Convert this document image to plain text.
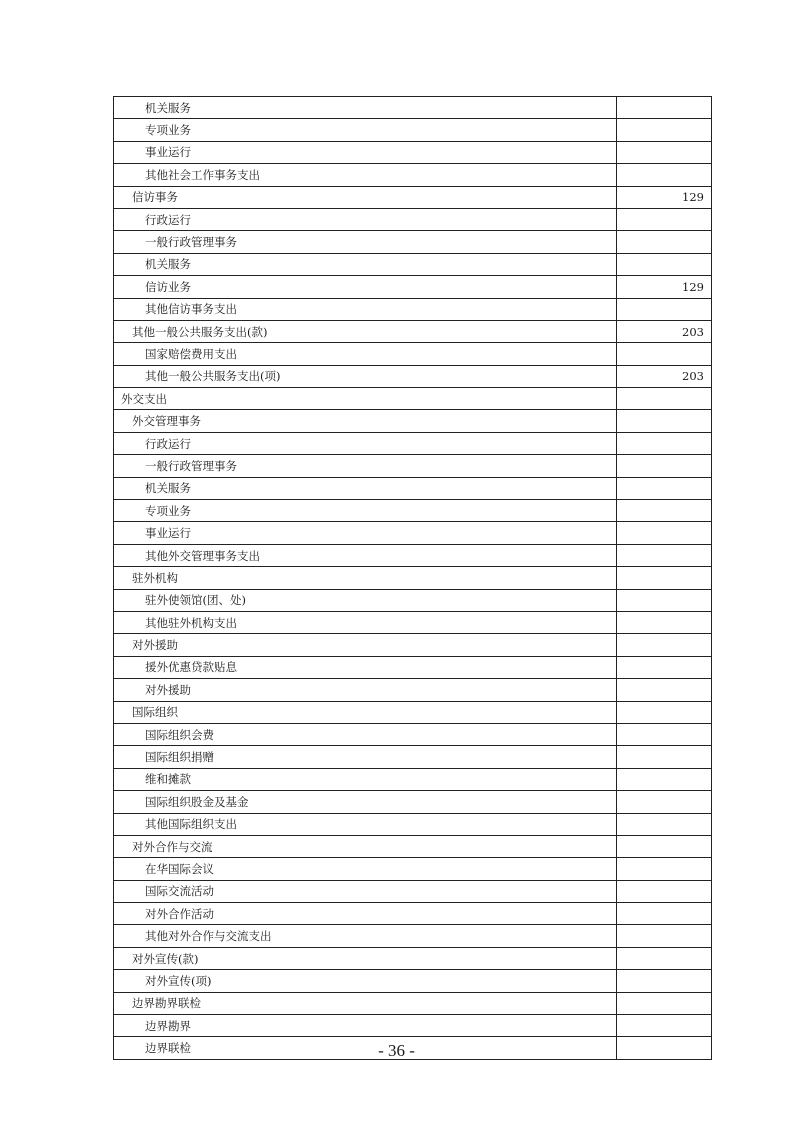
机关服务	
专项业务	
事业运行	
其他社会工作事务支出	
信访事务	129
行政运行	
一般行政管理事务	
机关服务	
信访业务	129
其他信访事务支出	
其他一般公共服务支出(款)	203
国家赔偿费用支出	
其他一般公共服务支出(项)	203
外交支出	
外交管理事务	
行政运行	
一般行政管理事务	
机关服务	
专项业务	
事业运行	
其他外交管理事务支出	
驻外机构	
驻外使领馆(团、处)	
其他驻外机构支出	
对外援助	
援外优惠贷款贴息	
对外援助	
国际组织	
国际组织会费	
国际组织捐赠	
维和摊款	
国际组织股金及基金	
其他国际组织支出	
对外合作与交流	
在华国际会议	
国际交流活动	
对外合作活动	
其他对外合作与交流支出	
对外宣传(款)	
对外宣传(项)	
边界勘界联检	
边界勘界	
边界联检		- 36 -
